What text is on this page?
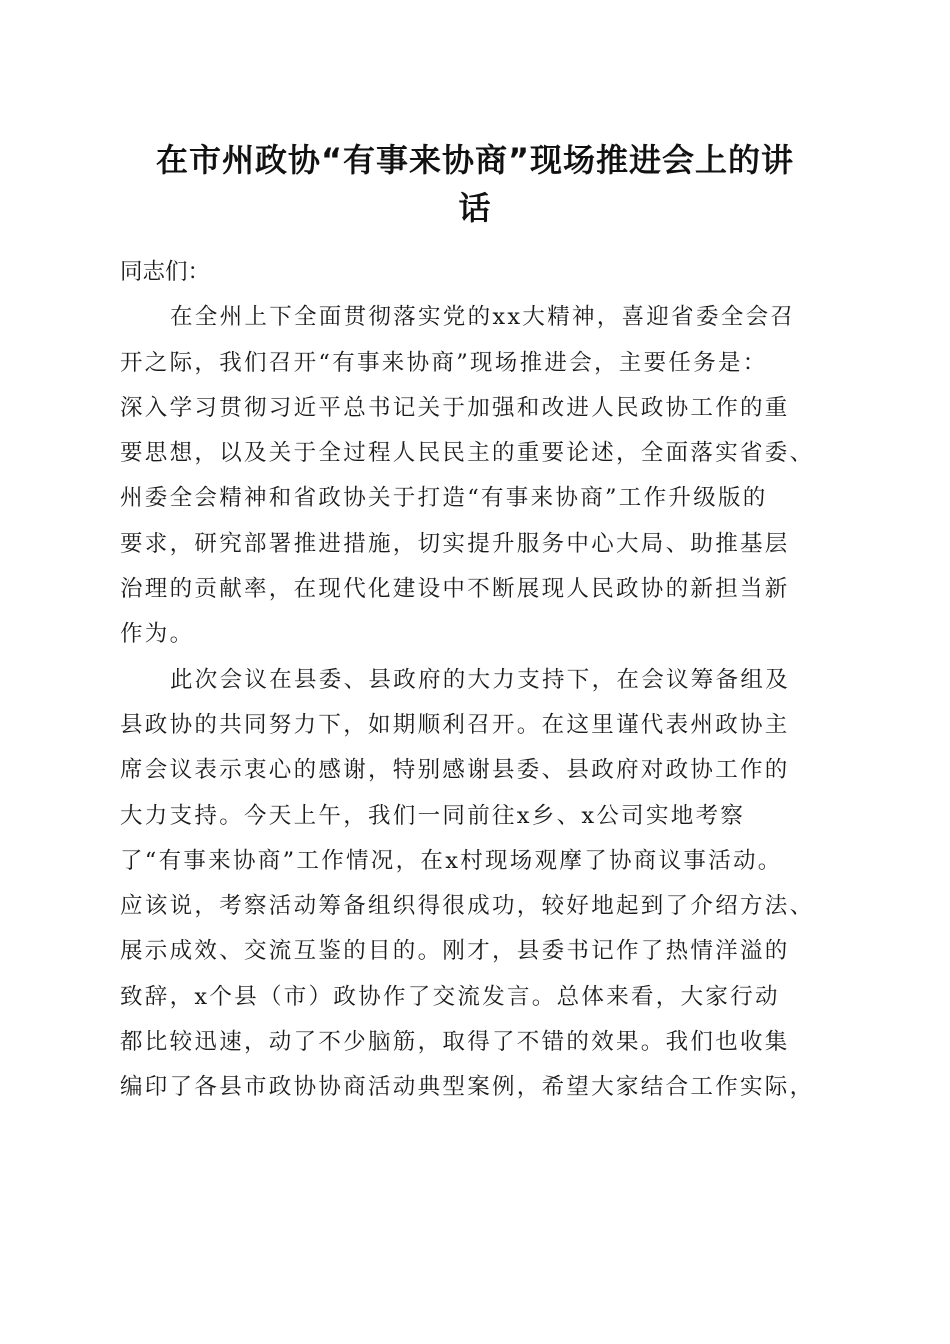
在市州政协“有事来协商”现场推进会上的讲
话
同志们：
在全州上下全面贯彻落实党的xx大精神，喜迎省委全会召
开之际，我们召开“有事来协商”现场推进会，主要任务是：
深入学习贯彻习近平总书记关于加强和改进人民政协工作的重
要思想，以及关于全过程人民民主的重要论述，全面落实省委、
州委全会精神和省政协关于打造“有事来协商”工作升级版的
要求，研究部署推进措施，切实提升服务中心大局、助推基层
治理的贡献率，在现代化建设中不断展现人民政协的新担当新
作为。
此次会议在县委、县政府的大力支持下，在会议筹备组及
县政协的共同努力下，如期顺利召开。在这里谨代表州政协主
席会议表示衷心的感谢，特别感谢县委、县政府对政协工作的
大力支持。今天上午，我们一同前往x乡、x公司实地考察
了“有事来协商”工作情况，在x村现场观摩了协商议事活动。
应该说，考察活动筹备组织得很成功，较好地起到了介绍方法、
展示成效、交流互鉴的目的。刚才，县委书记作了热情洋溢的
致辞，x个县（市）政协作了交流发言。总体来看，大家行动
都比较迅速，动了不少脑筋，取得了不错的效果。我们也收集
编印了各县市政协协商活动典型案例，希望大家结合工作实际，
